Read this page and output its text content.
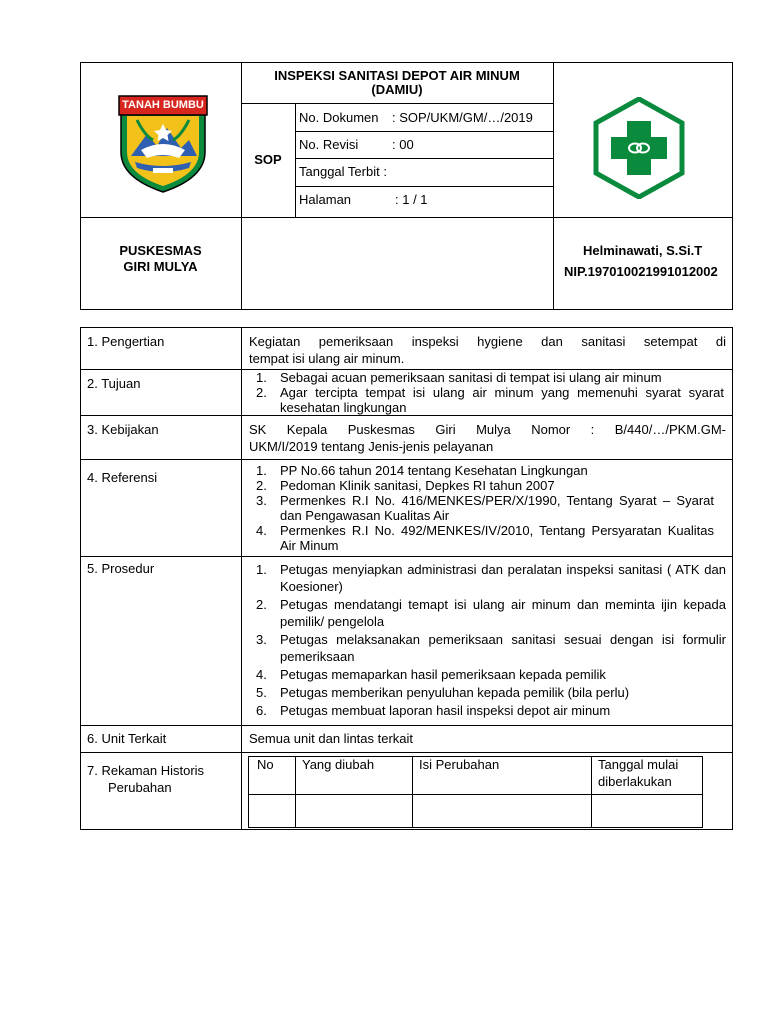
TANAH BUMBU
INSPEKSI SANITASI DEPOT AIR MINUM
(DAMIU)
SOP
No. Dokumen : SOP/UKM/GM/…/2019
No. Revisi	: 00
Tanggal Terbit :
Halaman	: 1 / 1
PUSKESMAS
GIRI MULYA
Helminawati, S.Si.T
NIP.197010021991012002
1. Pengertian	Kegiatan pemeriksaan inspeksi hygiene dan sanitasi setempat di
tempat isi ulang air minum.
2. Tujuan	1. Sebagai acuan pemeriksaan sanitasi di tempat isi ulang air minum
2. Agar tercipta tempat isi ulang air minum yang memenuhi syarat syarat kesehatan lingkungan
3. Kebijakan	SK Kepala Puskesmas Giri Mulya Nomor : B/440/…/PKM.GM-
UKM/I/2019 tentang Jenis-jenis pelayanan
4. Referensi	1. PP No.66 tahun 2014 tentang Kesehatan Lingkungan
2. Pedoman Klinik sanitasi, Depkes RI tahun 2007
3. Permenkes R.I No. 416/MENKES/PER/X/1990, Tentang Syarat – Syarat dan Pengawasan Kualitas Air
4. Permenkes R.I No. 492/MENKES/IV/2010, Tentang Persyaratan Kualitas Air Minum
5. Prosedur	1. Petugas menyiapkan administrasi dan peralatan inspeksi sanitasi ( ATK dan Koesioner)
2. Petugas mendatangi temapt isi ulang air minum dan meminta ijin kepada pemilik/ pengelola
3. Petugas melaksanakan pemeriksaan sanitasi sesuai dengan isi formulir pemeriksaan
4. Petugas memaparkan hasil pemeriksaan kepada pemilik
5. Petugas memberikan penyuluhan kepada pemilik (bila perlu)
6. Petugas membuat laporan hasil inspeksi depot air minum
6. Unit Terkait	Semua unit dan lintas terkait
7. Rekaman Historis
Perubahan
No Yang diubah	Isi Perubahan	Tanggal mulai
diberlakukan
